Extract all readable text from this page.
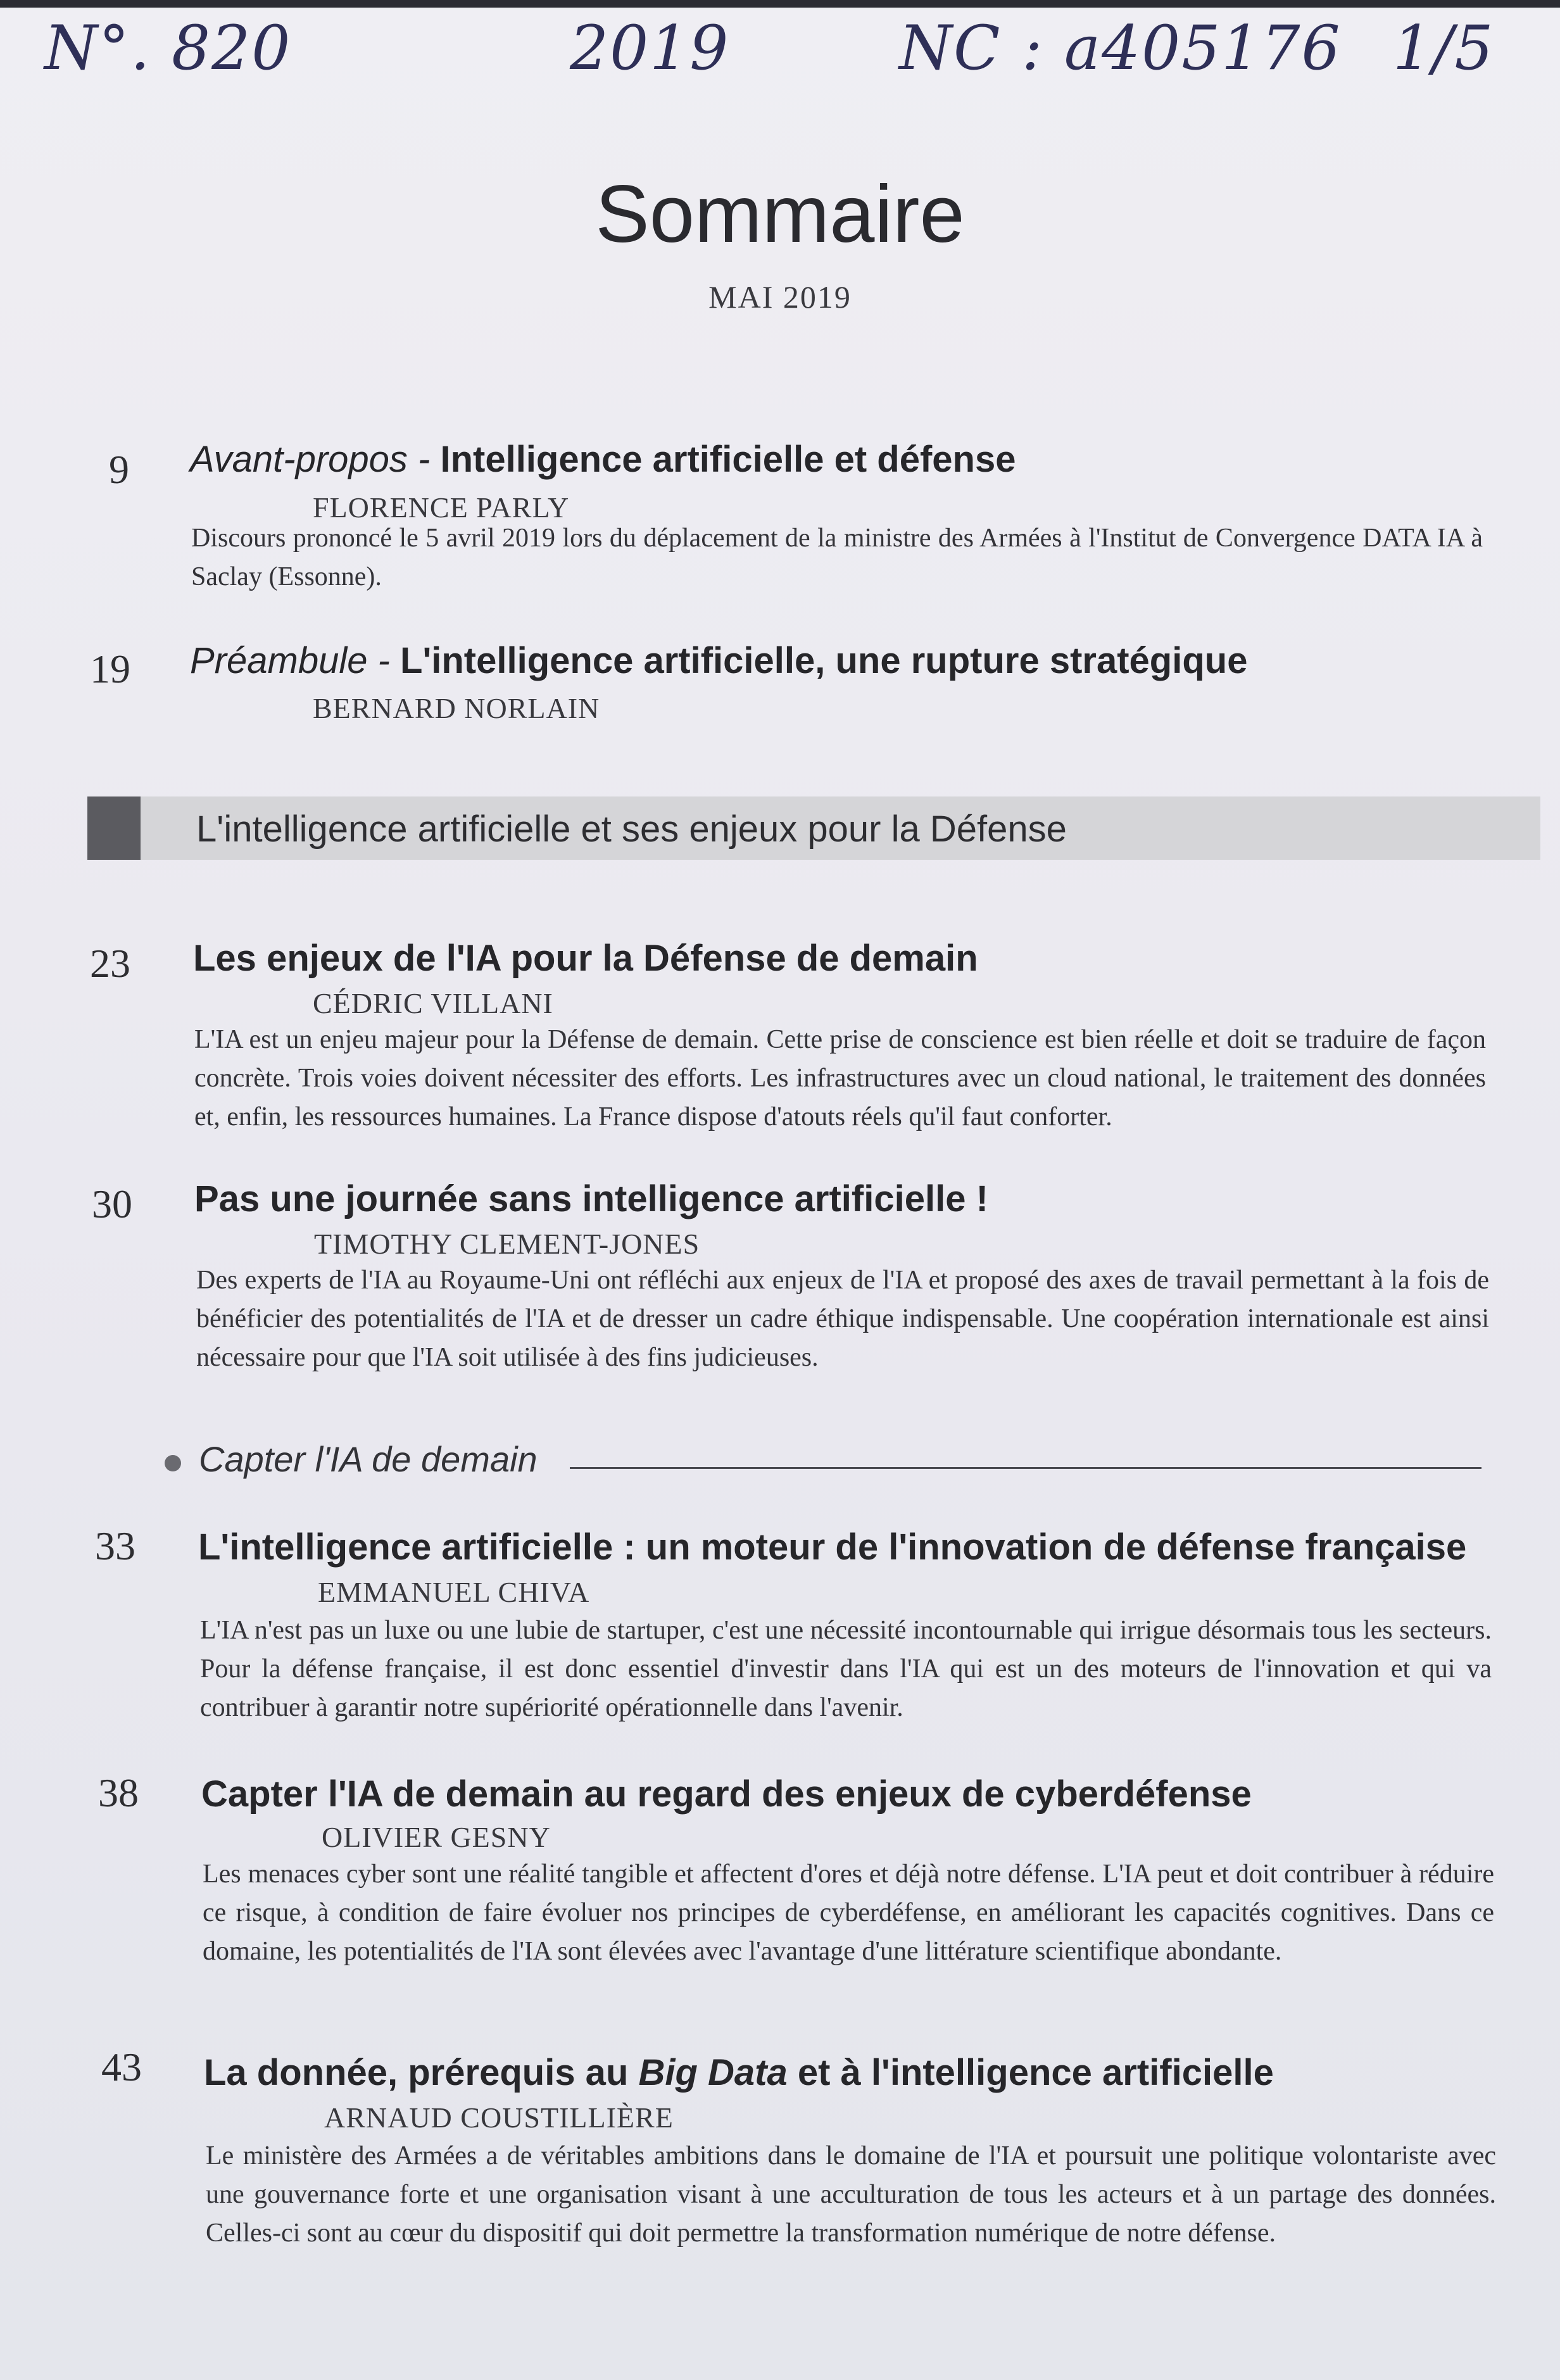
N°. 820	2019	NC : a405176 1/5
Sommaire
MAI 2019
9 Avant-propos - Intelligence artificielle et défense
FLORENCE PARLY
Discours prononcé le 5 avril 2019 lors du déplacement de la ministre des Armées à l'Institut de Convergence DATA IA à Saclay (Essonne).
19 Préambule - L'intelligence artificielle, une rupture stratégique
BERNARD NORLAIN
L'intelligence artificielle et ses enjeux pour la Défense
23 Les enjeux de l'IA pour la Défense de demain
CÉDRIC VILLANI
L'IA est un enjeu majeur pour la Défense de demain. Cette prise de conscience est bien réelle et doit se traduire de façon concrète. Trois voies doivent nécessiter des efforts. Les infrastructures avec un cloud national, le traitement des données et, enfin, les ressources humaines. La France dispose d'atouts réels qu'il faut conforter.
30 Pas une journée sans intelligence artificielle !
TIMOTHY CLEMENT-JONES
Des experts de l'IA au Royaume-Uni ont réfléchi aux enjeux de l'IA et proposé des axes de travail permettant à la fois de bénéficier des potentialités de l'IA et de dresser un cadre éthique indispensable. Une coopération internationale est ainsi nécessaire pour que l'IA soit utilisée à des fins judicieuses.
Capter l'IA de demain
33 L'intelligence artificielle : un moteur de l'innovation de défense française
EMMANUEL CHIVA
L'IA n'est pas un luxe ou une lubie de startuper, c'est une nécessité incontournable qui irrigue désormais tous les secteurs. Pour la défense française, il est donc essentiel d'investir dans l'IA qui est un des moteurs de l'innovation et qui va contribuer à garantir notre supériorité opérationnelle dans l'avenir.
38 Capter l'IA de demain au regard des enjeux de cyberdéfense
OLIVIER GESNY
Les menaces cyber sont une réalité tangible et affectent d'ores et déjà notre défense. L'IA peut et doit contribuer à réduire ce risque, à condition de faire évoluer nos principes de cyberdéfense, en améliorant les capacités cognitives. Dans ce domaine, les potentialités de l'IA sont élevées avec l'avantage d'une littérature scientifique abondante.
43 La donnée, prérequis au Big Data et à l'intelligence artificielle
ARNAUD COUSTILLIÈRE
Le ministère des Armées a de véritables ambitions dans le domaine de l'IA et poursuit une politique volontariste avec une gouvernance forte et une organisation visant à une acculturation de tous les acteurs et à un partage des données. Celles-ci sont au cœur du dispositif qui doit permettre la transformation numérique de notre défense.
